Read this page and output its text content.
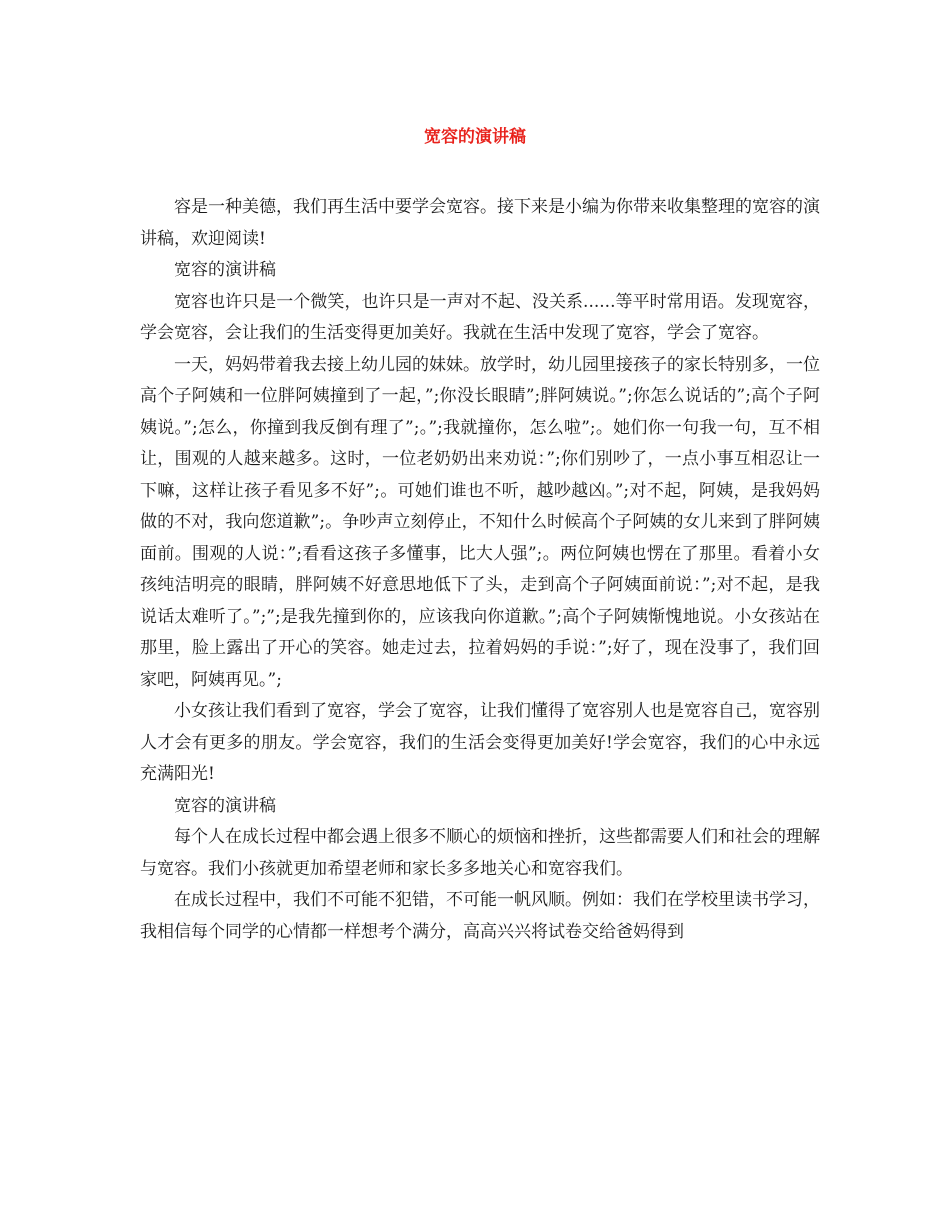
宽容的演讲稿

容是一种美德，我们再生活中要学会宽容。接下来是小编为你带来收集整理的宽容的演讲稿，欢迎阅读!

宽容的演讲稿

宽容也许只是一个微笑，也许只是一声对不起、没关系......等平时常用语。发现宽容，学会宽容，会让我们的生活变得更加美好。我就在生活中发现了宽容，学会了宽容。

一天，妈妈带着我去接上幼儿园的妹妹。放学时，幼儿园里接孩子的家长特别多，一位高个子阿姨和一位胖阿姨撞到了一起，”;你没长眼睛”;胖阿姨说。”;你怎么说话的”;高个子阿姨说。”;怎么，你撞到我反倒有理了”;。”;我就撞你，怎么啦”;。她们你一句我一句，互不相让，围观的人越来越多。这时，一位老奶奶出来劝说：”;你们别吵了，一点小事互相忍让一下嘛，这样让孩子看见多不好”;。可她们谁也不听，越吵越凶。”;对不起，阿姨，是我妈妈做的不对，我向您道歉”;。争吵声立刻停止，不知什么时候高个子阿姨的女儿来到了胖阿姨面前。围观的人说：”;看看这孩子多懂事，比大人强”;。两位阿姨也愣在了那里。看着小女孩纯洁明亮的眼睛，胖阿姨不好意思地低下了头，走到高个子阿姨面前说：”;对不起，是我说话太难听了。”;”;是我先撞到你的，应该我向你道歉。”;高个子阿姨惭愧地说。小女孩站在那里，脸上露出了开心的笑容。她走过去，拉着妈妈的手说：”;好了，现在没事了，我们回家吧，阿姨再见。”;

小女孩让我们看到了宽容，学会了宽容，让我们懂得了宽容别人也是宽容自己，宽容别人才会有更多的朋友。学会宽容，我们的生活会变得更加美好!学会宽容，我们的心中永远充满阳光!

宽容的演讲稿

每个人在成长过程中都会遇上很多不顺心的烦恼和挫折，这些都需要人们和社会的理解与宽容。我们小孩就更加希望老师和家长多多地关心和宽容我们。

在成长过程中，我们不可能不犯错，不可能一帆风顺。例如：我们在学校里读书学习，我相信每个同学的心情都一样想考个满分，高高兴兴将试卷交给爸妈得到
